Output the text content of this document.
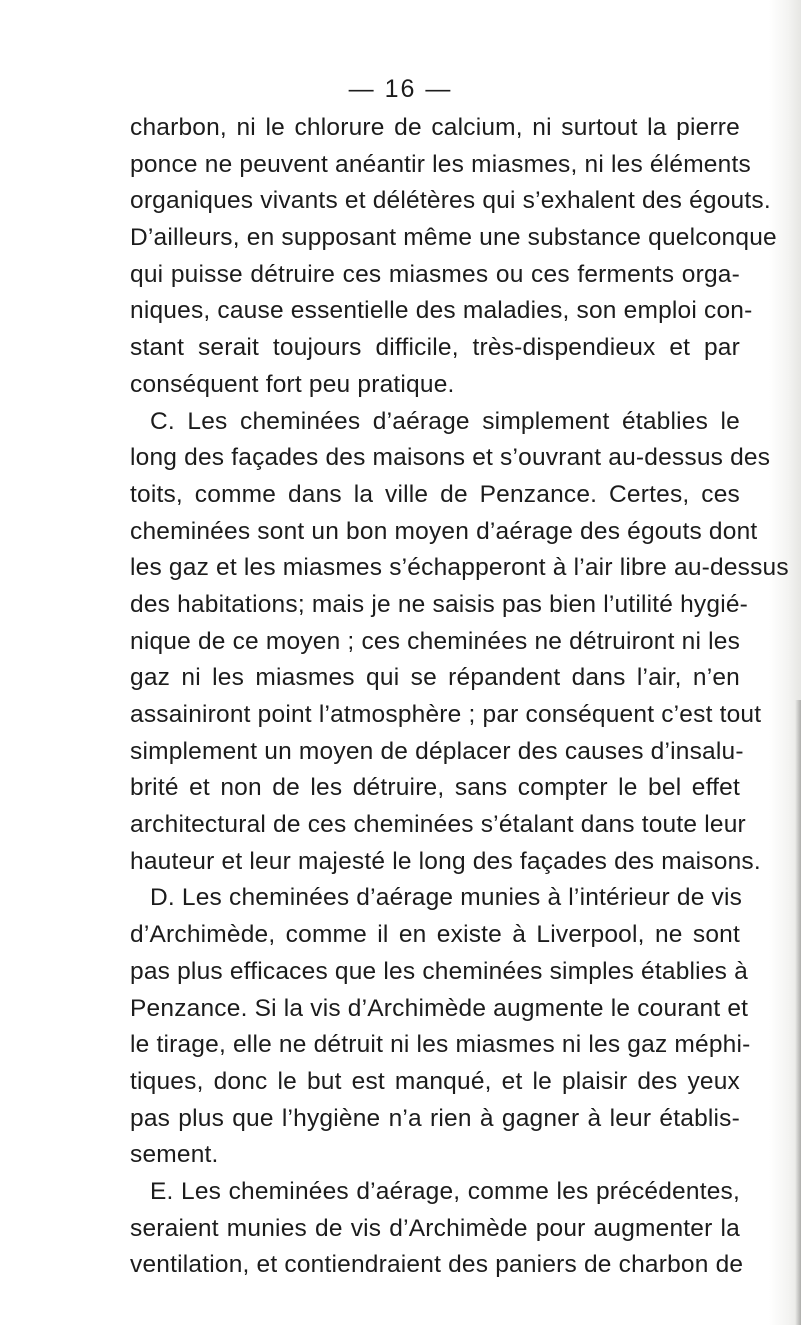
— 16 —
charbon, ni le chlorure de calcium, ni surtout la pierre
ponce ne peuvent anéantir les miasmes, ni les éléments
organiques vivants et délétères qui s’exhalent des égouts.
D’ailleurs, en supposant même une substance quelconque
qui puisse détruire ces miasmes ou ces ferments orga-
niques, cause essentielle des maladies, son emploi con-
stant serait toujours difficile, très-dispendieux et par
conséquent fort peu pratique.
C. Les cheminées d’aérage simplement établies le
long des façades des maisons et s’ouvrant au-dessus des
toits, comme dans la ville de Penzance. Certes, ces
cheminées sont un bon moyen d’aérage des égouts dont
les gaz et les miasmes s’échapperont à l’air libre au-dessus
des habitations; mais je ne saisis pas bien l’utilité hygié-
nique de ce moyen ; ces cheminées ne détruiront ni les
gaz ni les miasmes qui se répandent dans l’air, n’en
assainiront point l’atmosphère ; par conséquent c’est tout
simplement un moyen de déplacer des causes d’insalu-
brité et non de les détruire, sans compter le bel effet
architectural de ces cheminées s’étalant dans toute leur
hauteur et leur majesté le long des façades des maisons.
D. Les cheminées d’aérage munies à l’intérieur de vis
d’Archimède, comme il en existe à Liverpool, ne sont
pas plus efficaces que les cheminées simples établies à
Penzance. Si la vis d’Archimède augmente le courant et
le tirage, elle ne détruit ni les miasmes ni les gaz méphi-
tiques, donc le but est manqué, et le plaisir des yeux
pas plus que l’hygiène n’a rien à gagner à leur établis-
sement.
E. Les cheminées d’aérage, comme les précédentes,
seraient munies de vis d’Archimède pour augmenter la
ventilation, et contiendraient des paniers de charbon de
